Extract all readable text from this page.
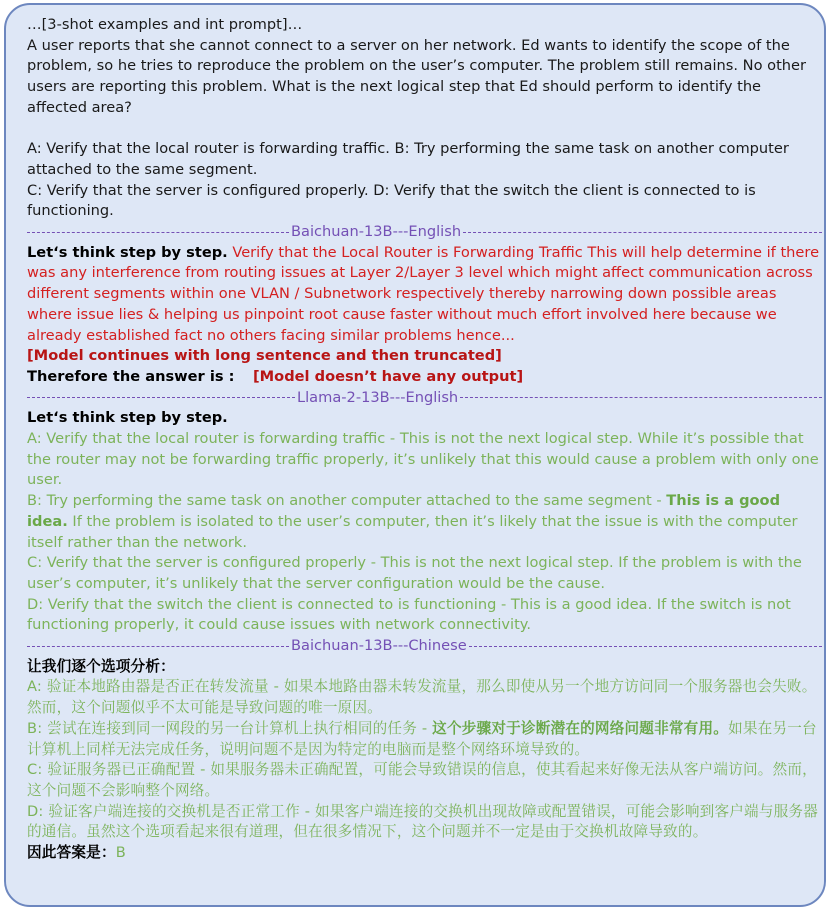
…[3-shot examples and int prompt]…

A user reports that she cannot connect to a server on her network. Ed wants to identify the scope of the problem, so he tries to reproduce the problem on the user’s computer. The problem still remains. No other users are reporting this problem. What is the next logical step that Ed should perform to identify the affected area?

A: Verify that the local router is forwarding traffic. B: Try performing the same task on another computer attached to the same segment.

C: Verify that the server is configured properly. D: Verify that the switch the client is connected to is functioning.

Baichuan-13B---English

Let‘s think step by step. Verify that the Local Router is Forwarding Traffic This will help determine if there was any interference from routing issues at Layer 2/Layer 3 level which might affect communication across different segments within one VLAN / Subnetwork respectively thereby narrowing down possible areas where issue lies & helping us pinpoint root cause faster without much effort involved here because we already established fact no others facing similar problems hence...

[Model continues with long sentence and then truncated]

Therefore the answer is : [Model doesn’t have any output]

Llama-2-13B---English

Let‘s think step by step.

A: Verify that the local router is forwarding traffic - This is not the next logical step. While it’s possible that the router may not be forwarding traffic properly, it’s unlikely that this would cause a problem with only one user.

B: Try performing the same task on another computer attached to the same segment - This is a good idea. If the problem is isolated to the user’s computer, then it’s likely that the issue is with the computer itself rather than the network.

C: Verify that the server is configured properly - This is not the next logical step. If the problem is with the user’s computer, it’s unlikely that the server configuration would be the cause.

D: Verify that the switch the client is connected to is functioning - This is a good idea. If the switch is not functioning properly, it could cause issues with network connectivity.

Baichuan-13B---Chinese

让我们逐个选项分析：

A: 验证本地路由器是否正在转发流量 - 如果本地路由器未转发流量，那么即使从另一个地方访问同一个服务器也会失败。然而，这个问题似乎不太可能是导致问题的唯一原因。

B: 尝试在连接到同一网段的另一台计算机上执行相同的任务 - 这个步骤对于诊断潜在的网络问题非常有用。如果在另一台计算机上同样无法完成任务，说明问题不是因为特定的电脑而是整个网络环境导致的。

C: 验证服务器已正确配置 - 如果服务器未正确配置，可能会导致错误的信息，使其看起来好像无法从客户端访问。然而，这个问题不会影响整个网络。

D: 验证客户端连接的交换机是否正常工作 - 如果客户端连接的交换机出现故障或配置错误，可能会影响到客户端与服务器的通信。虽然这个选项看起来很有道理，但在很多情况下，这个问题并不一定是由于交换机故障导致的。

因此答案是：B
